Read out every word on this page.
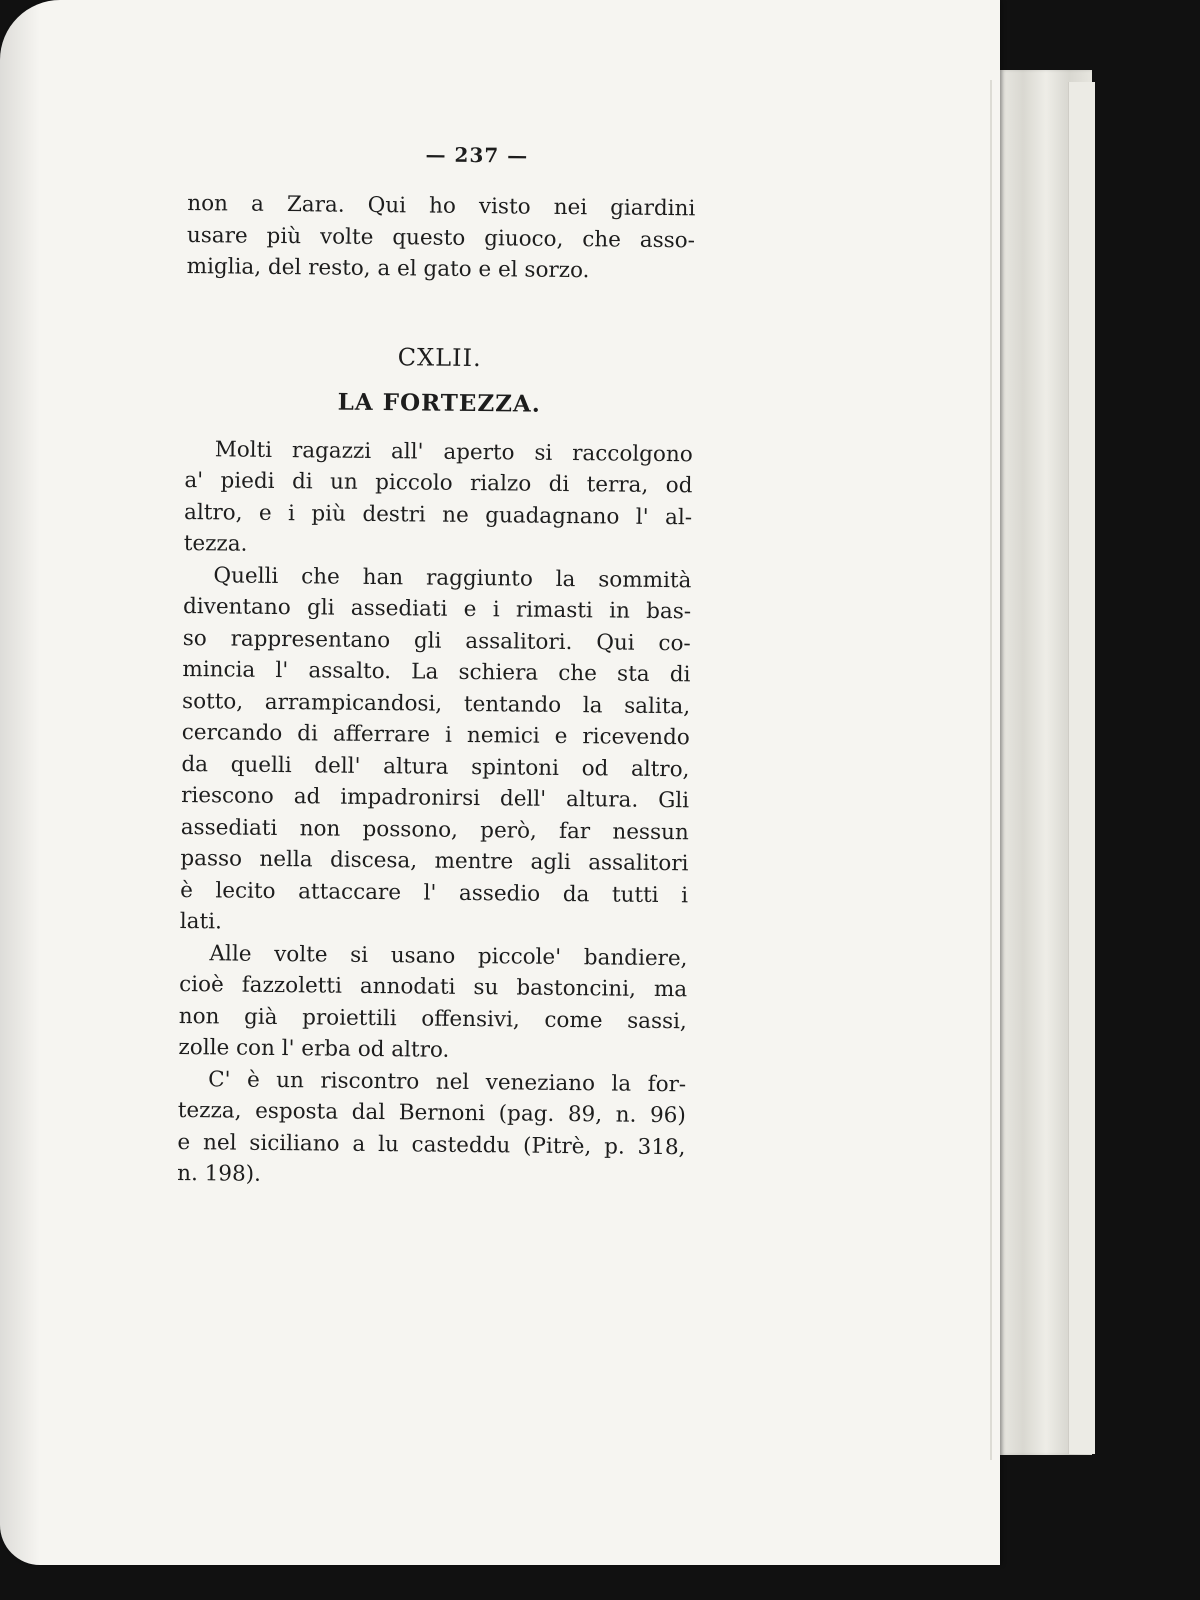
— 237 —
non a Zara. Qui ho visto nei giardini
usare più volte questo giuoco, che asso-
miglia, del resto, a el gato e el sorzo.
CXLII.
LA FORTEZZA.
Molti ragazzi all' aperto si raccolgono
a' piedi di un piccolo rialzo di terra, od
altro, e i più destri ne guadagnano l' al-
tezza.
Quelli che han raggiunto la sommità
diventano gli assediati e i rimasti in bas-
so rappresentano gli assalitori. Qui co-
mincia l' assalto. La schiera che sta di
sotto, arrampicandosi, tentando la salita,
cercando di afferrare i nemici e ricevendo
da quelli dell' altura spintoni od altro,
riescono ad impadronirsi dell' altura. Gli
assediati non possono, però, far nessun
passo nella discesa, mentre agli assalitori
è lecito attaccare l' assedio da tutti i
lati.
Alle volte si usano piccole' bandiere,
cioè fazzoletti annodati su bastoncini, ma
non già proiettili offensivi, come sassi,
zolle con l' erba od altro.
C' è un riscontro nel veneziano la for-
tezza, esposta dal Bernoni (pag. 89, n. 96)
e nel siciliano a lu casteddu (Pitrè, p. 318,
n. 198).
